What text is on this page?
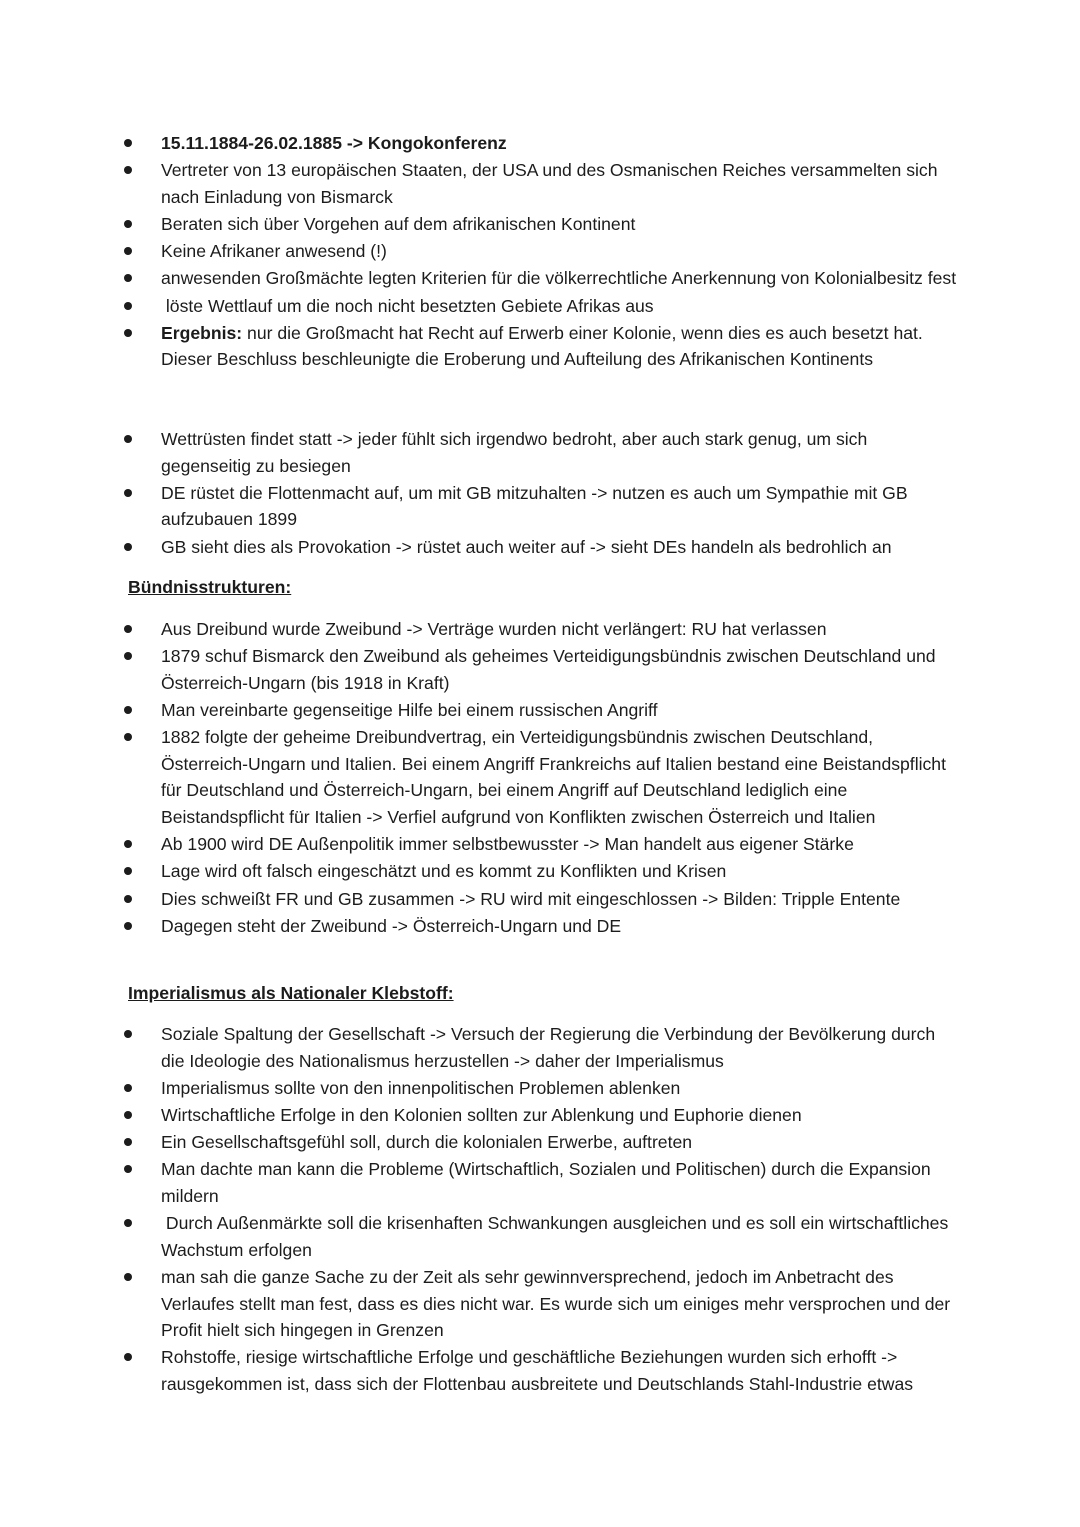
15.11.1884-26.02.1885 -> Kongokonferenz
Vertreter von 13 europäischen Staaten, der USA und des Osmanischen Reiches versammelten sich nach Einladung von Bismarck
Beraten sich über Vorgehen auf dem afrikanischen Kontinent
Keine Afrikaner anwesend (!)
anwesenden Großmächte legten Kriterien für die völkerrechtliche Anerkennung von Kolonialbesitz fest
löste Wettlauf um die noch nicht besetzten Gebiete Afrikas aus
Ergebnis: nur die Großmacht hat Recht auf Erwerb einer Kolonie, wenn dies es auch besetzt hat. Dieser Beschluss beschleunigte die Eroberung und Aufteilung des Afrikanischen Kontinents
Wettrüsten findet statt -> jeder fühlt sich irgendwo bedroht, aber auch stark genug, um sich gegenseitig zu besiegen
DE rüstet die Flottenmacht auf, um mit GB mitzuhalten -> nutzen es auch um Sympathie mit GB aufzubauen 1899
GB sieht dies als Provokation -> rüstet auch weiter auf -> sieht DEs handeln als bedrohlich an
Bündnisstrukturen:
Aus Dreibund wurde Zweibund -> Verträge wurden nicht verlängert: RU hat verlassen
1879 schuf Bismarck den Zweibund als geheimes Verteidigungsbündnis zwischen Deutschland und Österreich-Ungarn (bis 1918 in Kraft)
Man vereinbarte gegenseitige Hilfe bei einem russischen Angriff
1882 folgte der geheime Dreibundvertrag, ein Verteidigungsbündnis zwischen Deutschland, Österreich-Ungarn und Italien. Bei einem Angriff Frankreichs auf Italien bestand eine Beistandspflicht für Deutschland und Österreich-Ungarn, bei einem Angriff auf Deutschland lediglich eine Beistandspflicht für Italien -> Verfiel aufgrund von Konflikten zwischen Österreich und Italien
Ab 1900 wird DE Außenpolitik immer selbstbewusster -> Man handelt aus eigener Stärke
Lage wird oft falsch eingeschätzt und es kommt zu Konflikten und Krisen
Dies schweißt FR und GB zusammen -> RU wird mit eingeschlossen -> Bilden: Tripple Entente
Dagegen steht der Zweibund -> Österreich-Ungarn und DE
Imperialismus als Nationaler Klebstoff:
Soziale Spaltung der Gesellschaft -> Versuch der Regierung die Verbindung der Bevölkerung durch die Ideologie des Nationalismus herzustellen -> daher der Imperialismus
Imperialismus sollte von den innenpolitischen Problemen ablenken
Wirtschaftliche Erfolge in den Kolonien sollten zur Ablenkung und Euphorie dienen
Ein Gesellschaftsgefühl soll, durch die kolonialen Erwerbe, auftreten
Man dachte man kann die Probleme (Wirtschaftlich, Sozialen und Politischen) durch die Expansion mildern
Durch Außenmärkte soll die krisenhaften Schwankungen ausgleichen und es soll ein wirtschaftliches Wachstum erfolgen
man sah die ganze Sache zu der Zeit als sehr gewinnversprechend, jedoch im Anbetracht des Verlaufes stellt man fest, dass es dies nicht war. Es wurde sich um einiges mehr versprochen und der Profit hielt sich hingegen in Grenzen
Rohstoffe, riesige wirtschaftliche Erfolge und geschäftliche Beziehungen wurden sich erhofft -> rausgekommen ist, dass sich der Flottenbau ausbreitete und Deutschlands Stahl-Industrie etwas
